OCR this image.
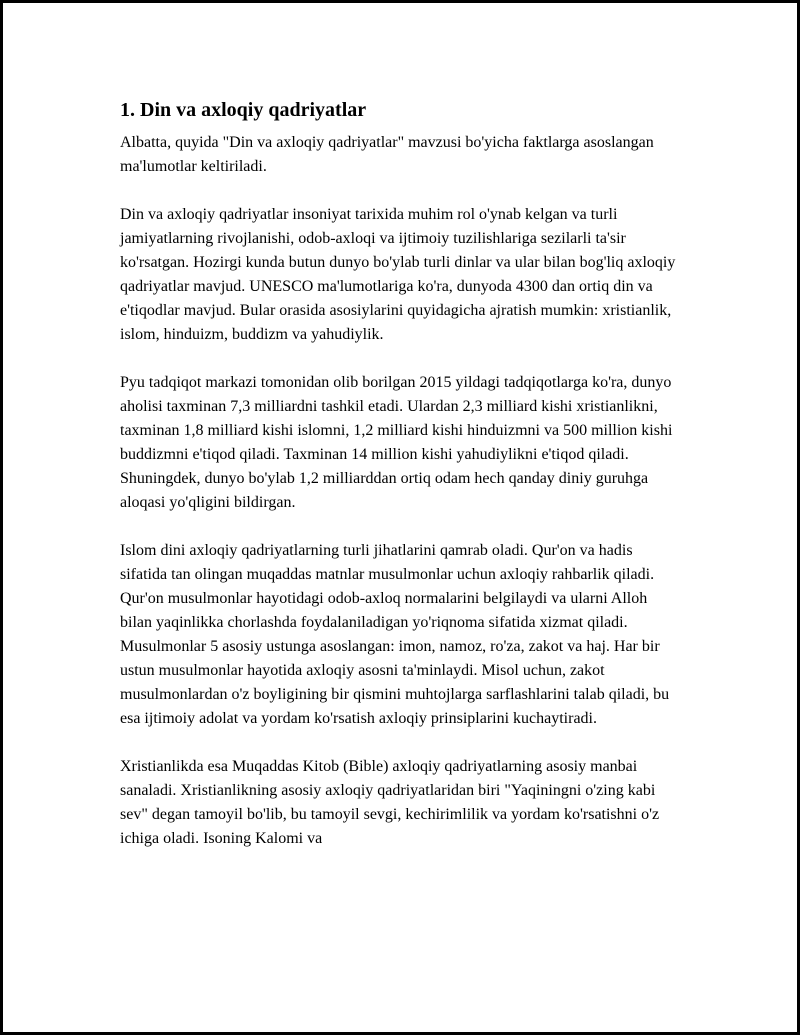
1. Din va axloqiy qadriyatlar

Albatta, quyida "Din va axloqiy qadriyatlar" mavzusi bo'yicha faktlarga asoslangan ma'lumotlar keltiriladi.

Din va axloqiy qadriyatlar insoniyat tarixida muhim rol o'ynab kelgan va turli jamiyatlarning rivojlanishi, odob-axloqi va ijtimoiy tuzilishlariga sezilarli ta'sir ko'rsatgan. Hozirgi kunda butun dunyo bo'ylab turli dinlar va ular bilan bog'liq axloqiy qadriyatlar mavjud. UNESCO ma'lumotlariga ko'ra, dunyoda 4300 dan ortiq din va e'tiqodlar mavjud. Bular orasida asosiylarini quyidagicha ajratish mumkin: xristianlik, islom, hinduizm, buddizm va yahudiylik.

Pyu tadqiqot markazi tomonidan olib borilgan 2015 yildagi tadqiqotlarga ko'ra, dunyo aholisi taxminan 7,3 milliardni tashkil etadi. Ulardan 2,3 milliard kishi xristianlikni, taxminan 1,8 milliard kishi islomni, 1,2 milliard kishi hinduizmni va 500 million kishi buddizmni e'tiqod qiladi. Taxminan 14 million kishi yahudiylikni e'tiqod qiladi. Shuningdek, dunyo bo'ylab 1,2 milliarddan ortiq odam hech qanday diniy guruhga aloqasi yo'qligini bildirgan.

Islom dini axloqiy qadriyatlarning turli jihatlarini qamrab oladi. Qur'on va hadis sifatida tan olingan muqaddas matnlar musulmonlar uchun axloqiy rahbarlik qiladi. Qur'on musulmonlar hayotidagi odob-axloq normalarini belgilaydi va ularni Alloh bilan yaqinlikka chorlashda foydalaniladigan yo'riqnoma sifatida xizmat qiladi. Musulmonlar 5 asosiy ustunga asoslangan: imon, namoz, ro'za, zakot va haj. Har bir ustun musulmonlar hayotida axloqiy asosni ta'minlaydi. Misol uchun, zakot musulmonlardan o'z boyligining bir qismini muhtojlarga sarflashlarini talab qiladi, bu esa ijtimoiy adolat va yordam ko'rsatish axloqiy prinsiplarini kuchaytiradi.

Xristianlikda esa Muqaddas Kitob (Bible) axloqiy qadriyatlarning asosiy manbai sanaladi. Xristianlikning asosiy axloqiy qadriyatlaridan biri "Yaqiningni o'zing kabi sev" degan tamoyil bo'lib, bu tamoyil sevgi, kechirimlilik va yordam ko'rsatishni o'z ichiga oladi. Isoning Kalomi va
